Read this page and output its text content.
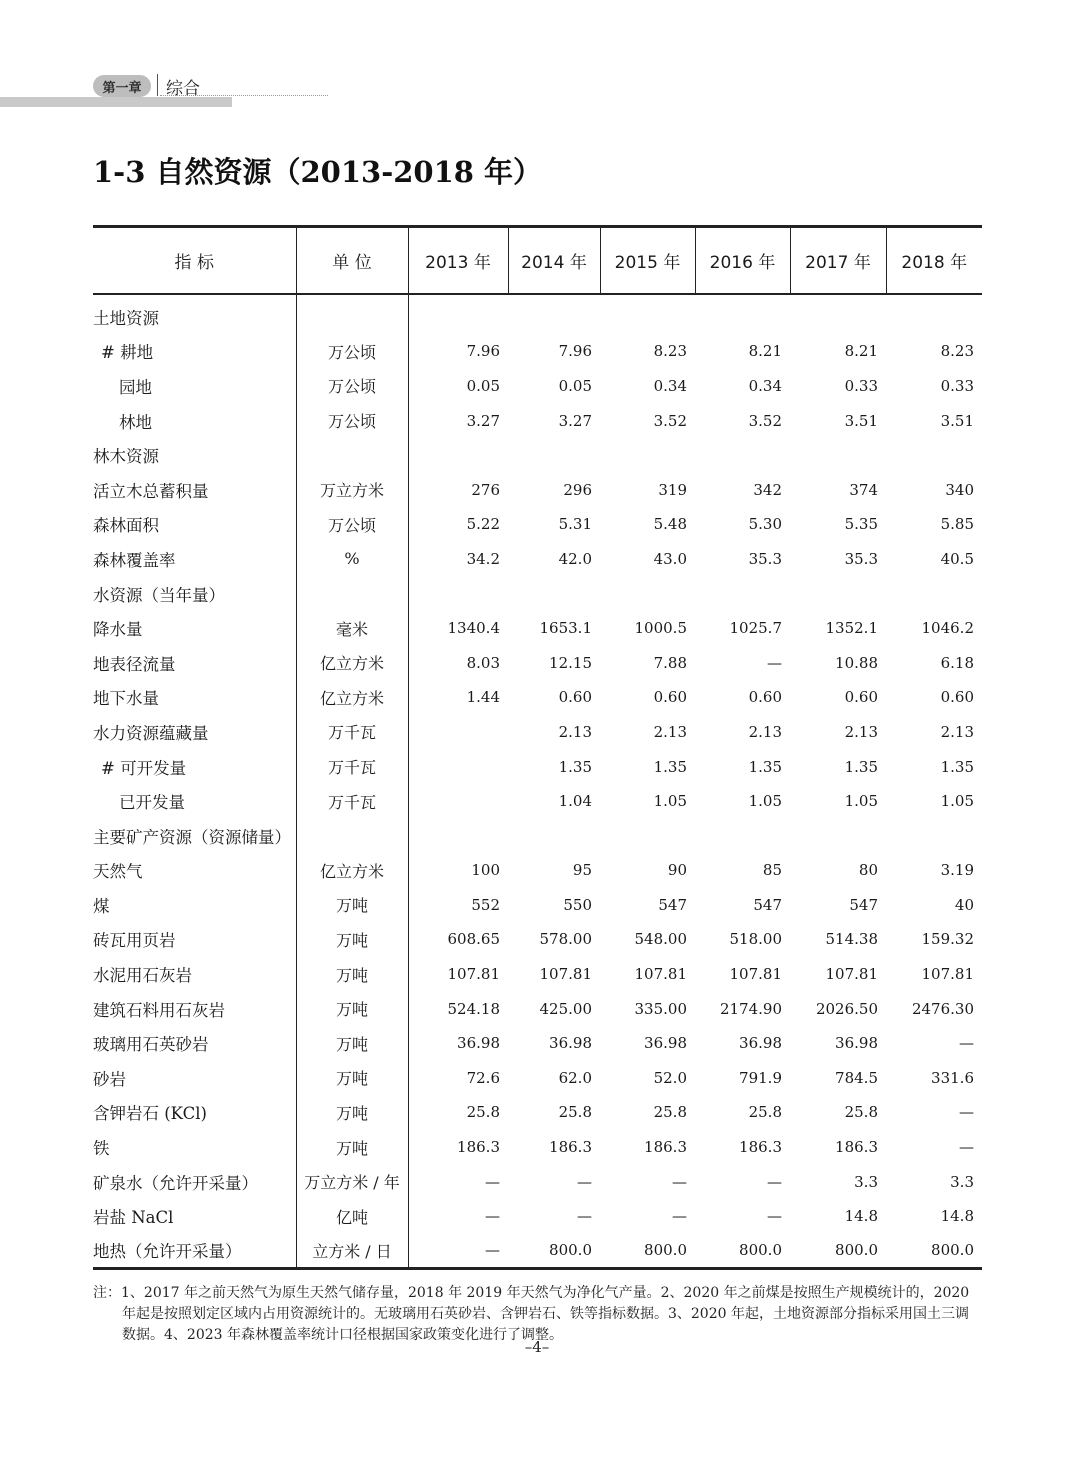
第一章	综合
1-3 自然资源（2013-2018 年）
指 标	单 位	2013 年	2014 年	2015 年	2016 年	2017 年	2018 年

土地资源							
# 耕地	万公顷	7.96	7.96	8.23	8.21	8.21	8.23
园地	万公顷	0.05	0.05	0.34	0.34	0.33	0.33
林地	万公顷	3.27	3.27	3.52	3.52	3.51	3.51
林木资源							
活立木总蓄积量	万立方米	276	296	319	342	374	340
森林面积	万公顷	5.22	5.31	5.48	5.30	5.35	5.85
森林覆盖率	%	34.2	42.0	43.0	35.3	35.3	40.5
水资源（当年量）							
降水量	毫米	1340.4	1653.1	1000.5	1025.7	1352.1	1046.2
地表径流量	亿立方米	8.03	12.15	7.88	—	10.88	6.18
地下水量	亿立方米	1.44	0.60	0.60	0.60	0.60	0.60
水力资源蕴藏量	万千瓦		2.13	2.13	2.13	2.13	2.13
# 可开发量	万千瓦		1.35	1.35	1.35	1.35	1.35
已开发量	万千瓦		1.04	1.05	1.05	1.05	1.05
主要矿产资源（资源储量）							
天然气	亿立方米	100	95	90	85	80	3.19
煤	万吨	552	550	547	547	547	40
砖瓦用页岩	万吨	608.65	578.00	548.00	518.00	514.38	159.32
水泥用石灰岩	万吨	107.81	107.81	107.81	107.81	107.81	107.81
建筑石料用石灰岩	万吨	524.18	425.00	335.00	2174.90	2026.50	2476.30
玻璃用石英砂岩	万吨	36.98	36.98	36.98	36.98	36.98	—
砂岩	万吨	72.6	62.0	52.0	791.9	784.5	331.6
含钾岩石 (KCl)	万吨	25.8	25.8	25.8	25.8	25.8	—
铁	万吨	186.3	186.3	186.3	186.3	186.3	—
矿泉水（允许开采量）	万立方米 / 年	—	—	—	—	3.3	3.3
岩盐 NaCl	亿吨	—	—	—	—	14.8	14.8
地热（允许开采量）	立方米 / 日	—	800.0	800.0	800.0	800.0	800.0
注：1、2017 年之前天然气为原生天然气储存量，2018 年 2019 年天然气为净化气产量。2、2020 年之前煤是按照生产规模统计的，2020 年起是按照划定区域内占用资源统计的。无玻璃用石英砂岩、含钾岩石、铁等指标数据。3、2020 年起，土地资源部分指标采用国土三调数据。4、2023 年森林覆盖率统计口径根据国家政策变化进行了调整。
–4–
